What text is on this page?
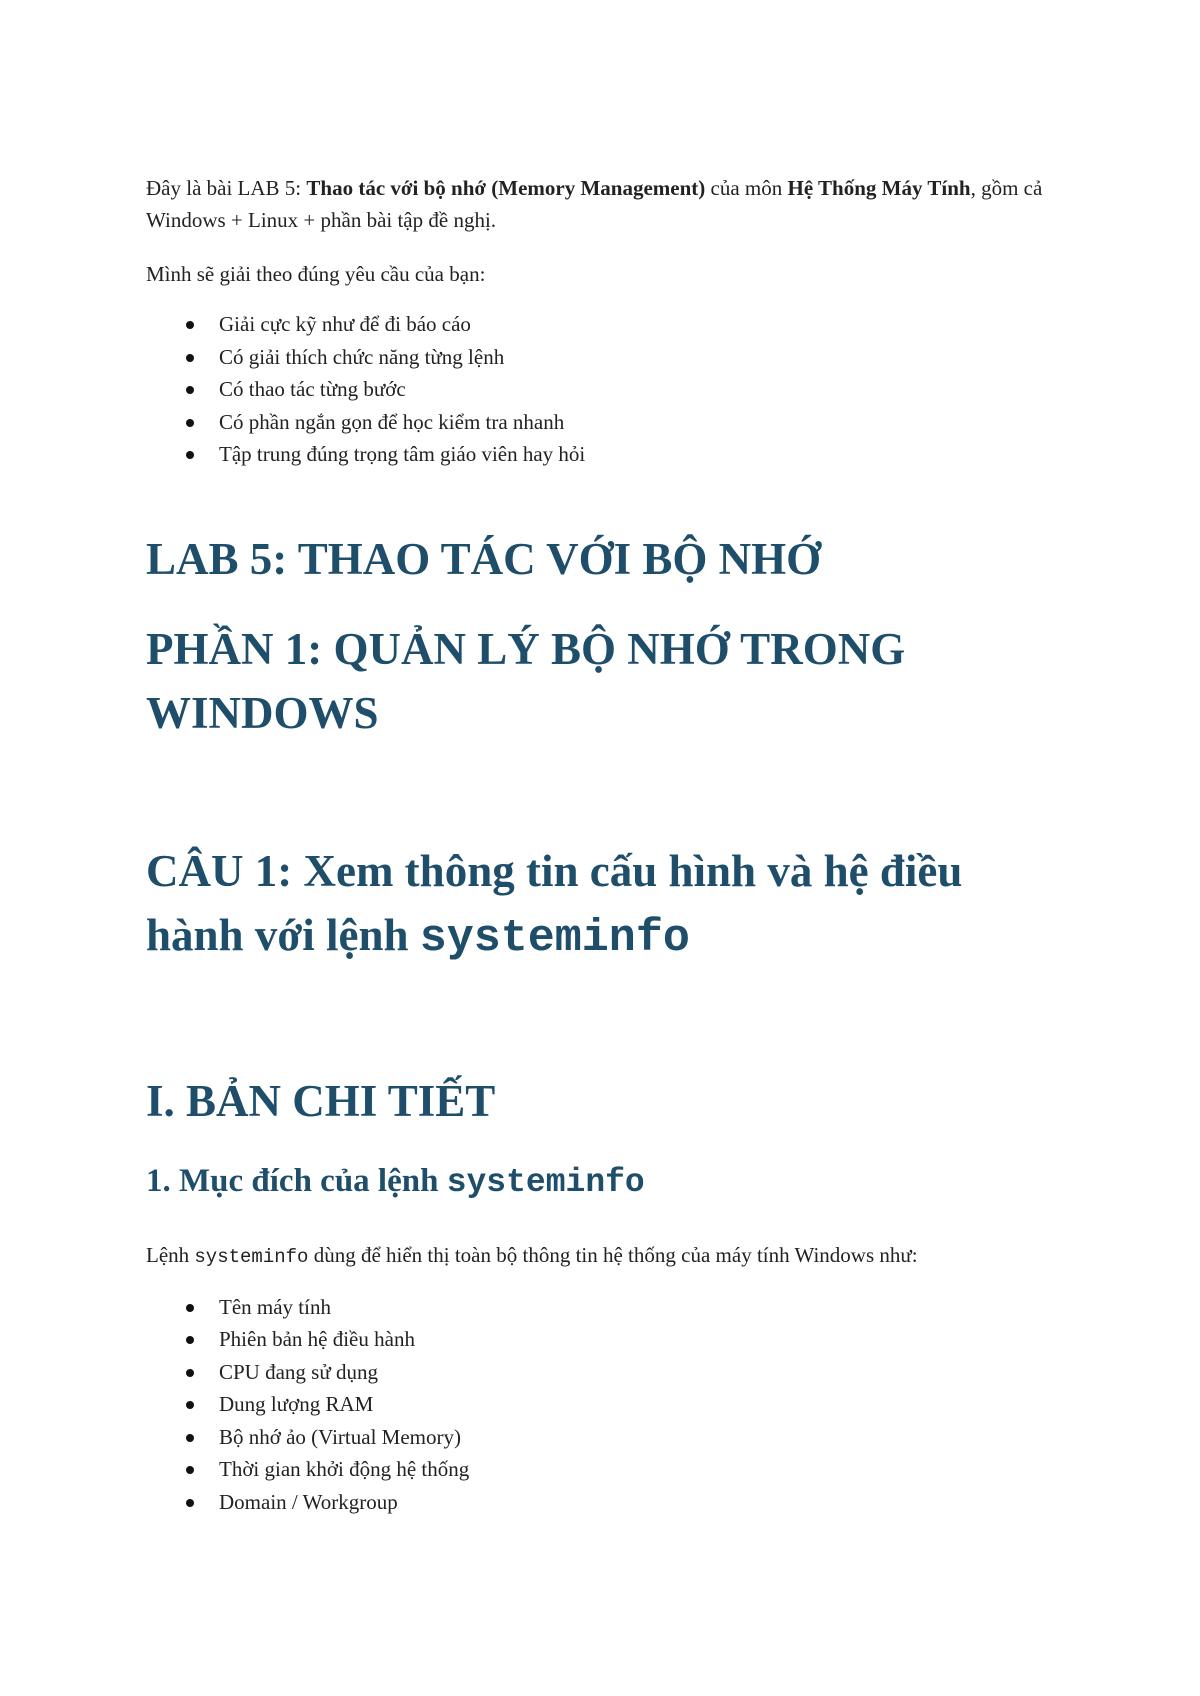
Đây là bài LAB 5: Thao tác với bộ nhớ (Memory Management) của môn Hệ Thống Máy Tính, gồm cả Windows + Linux + phần bài tập đề nghị.

Mình sẽ giải theo đúng yêu cầu của bạn:

Giải cực kỹ như để đi báo cáo
Có giải thích chức năng từng lệnh
Có thao tác từng bước
Có phần ngắn gọn để học kiểm tra nhanh
Tập trung đúng trọng tâm giáo viên hay hỏi
LAB 5: THAO TÁC VỚI BỘ NHỚ
PHẦN 1: QUẢN LÝ BỘ NHỚ TRONG
WINDOWS
CÂU 1: Xem thông tin cấu hình và hệ điều
hành với lệnh systeminfo
I. BẢN CHI TIẾT
1. Mục đích của lệnh systeminfo

Lệnh systeminfo dùng để hiển thị toàn bộ thông tin hệ thống của máy tính Windows như:

Tên máy tính
Phiên bản hệ điều hành
CPU đang sử dụng
Dung lượng RAM
Bộ nhớ ảo (Virtual Memory)
Thời gian khởi động hệ thống
Domain / Workgroup
